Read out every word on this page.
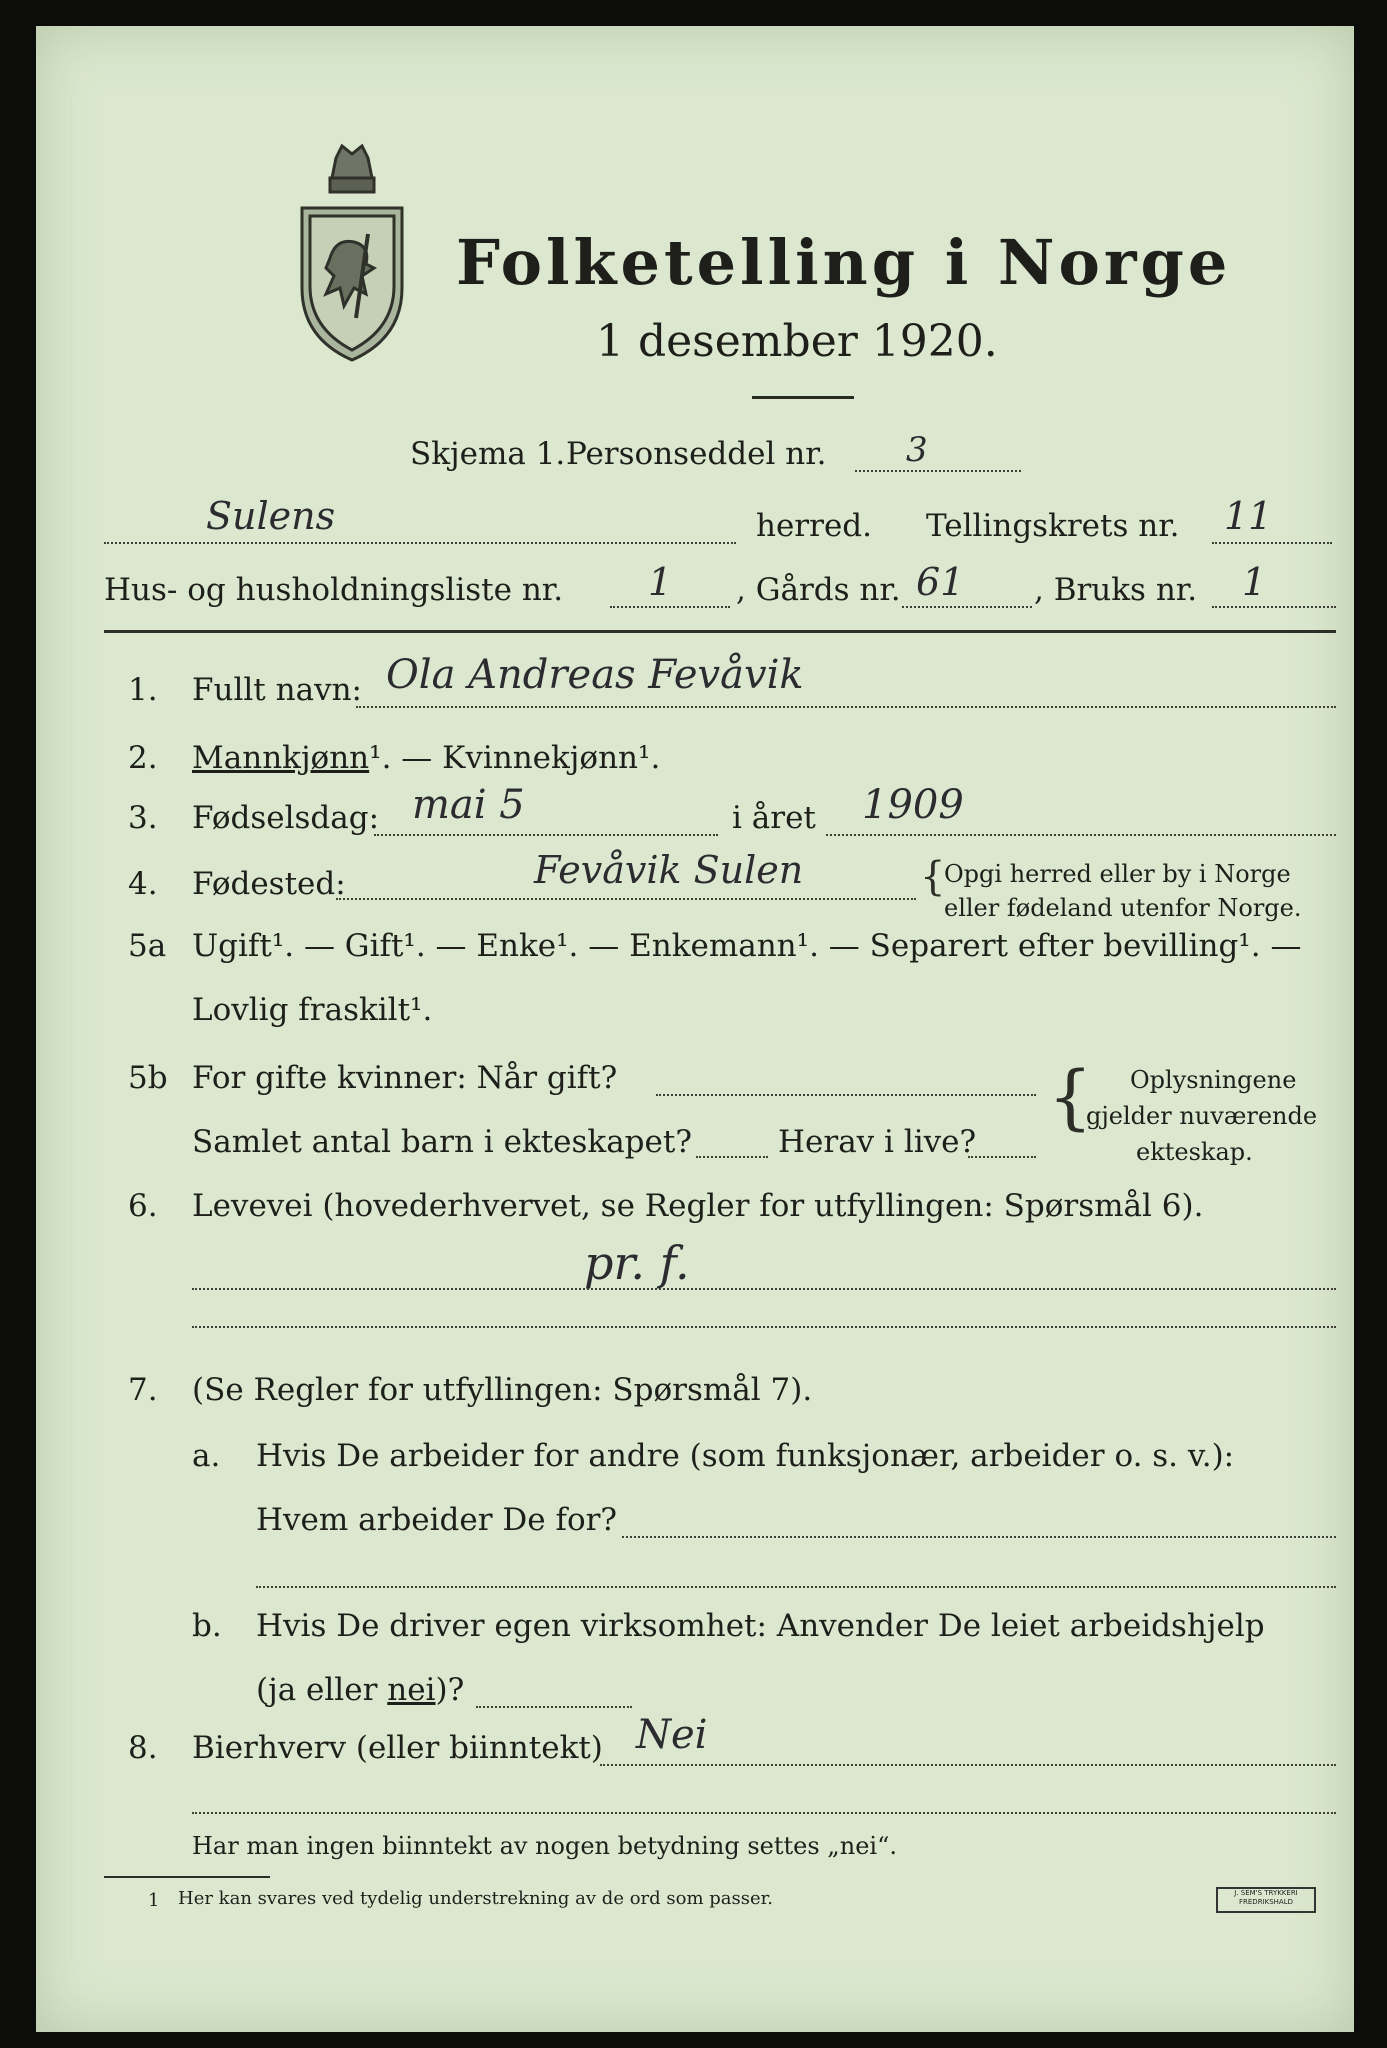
Folketelling i Norge
1 desember 1920.
Skjema 1. Personseddel nr. 3
Sulens	herred. Tellingskrets nr. 11
Hus- og husholdningsliste nr. 1 , Gårds nr. 61 , Bruks nr. 1
1. Fullt navn: Ola Andreas Fevåvik
2. Mannkjønn¹. — Kvinnekjønn¹.
3. Fødselsdag: mai 5	i året 1909
4. Fødested:	Fevåvik Sulen	{
Opgi herred eller by i Norge
eller fødeland utenfor Norge.
5a Ugift¹. — Gift¹. — Enke¹. — Enkemann¹. — Separert efter bevilling¹. —
Lovlig fraskilt¹.
5b For gifte kvinner: Når gift?
Samlet antal barn i ekteskapet?	Herav i live?
{ Oplysningene
gjelder nuværende
ekteskap.
6. Levevei (hovederhvervet, se Regler for utfyllingen: Spørsmål 6).
pr. f.
7. (Se Regler for utfyllingen: Spørsmål 7).
a. Hvis De arbeider for andre (som funksjonær, arbeider o. s. v.):
Hvem arbeider De for?
b. Hvis De driver egen virksomhet: Anvender De leiet arbeidshjelp
(ja eller nei)?
8. Bierhverv (eller biinntekt) Nei
Har man ingen biinntekt av nogen betydning settes „nei“.
1 Her kan svares ved tydelig understrekning av de ord som passer.	J. SEM'S TRYKKERI FREDRIKSHALD
